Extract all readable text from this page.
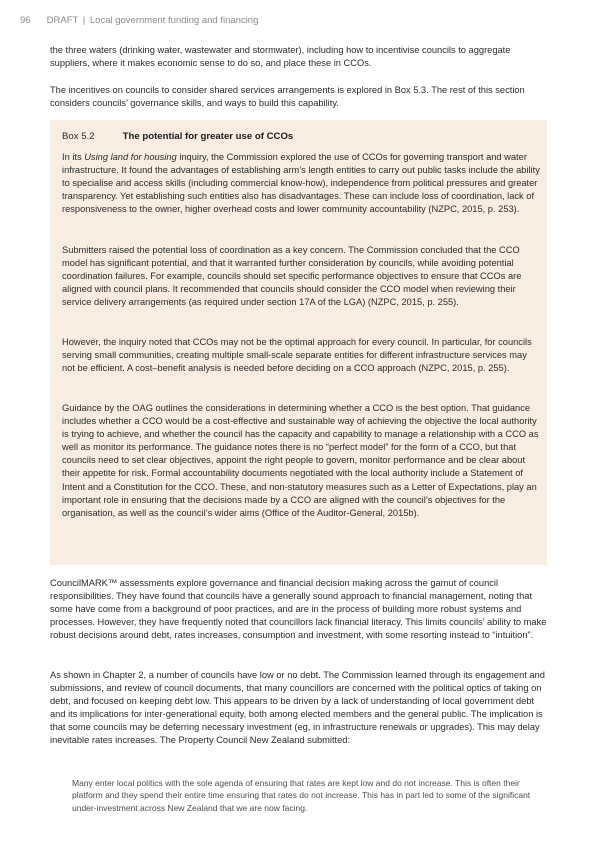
96 DRAFT | Local government funding and financing

the three waters (drinking water, wastewater and stormwater), including how to incentivise councils to aggregate suppliers, where it makes economic sense to do so, and place these in CCOs.

The incentives on councils to consider shared services arrangements is explored in Box 5.3. The rest of this section considers councils’ governance skills, and ways to build this capability.

Box 5.2	The potential for greater use of CCOs

In its Using land for housing inquiry, the Commission explored the use of CCOs for governing transport and water infrastructure. It found the advantages of establishing arm’s length entities to carry out public tasks include the ability to specialise and access skills (including commercial know-how), independence from political pressures and greater transparency. Yet establishing such entities also has disadvantages. These can include loss of coordination, lack of responsiveness to the owner, higher overhead costs and lower community accountability (NZPC, 2015, p. 253).

Submitters raised the potential loss of coordination as a key concern. The Commission concluded that the CCO model has significant potential, and that it warranted further consideration by councils, while avoiding potential coordination failures. For example, councils should set specific performance objectives to ensure that CCOs are aligned with council plans. It recommended that councils should consider the CCO model when reviewing their service delivery arrangements (as required under section 17A of the LGA) (NZPC, 2015, p. 255).

However, the inquiry noted that CCOs may not be the optimal approach for every council. In particular, for councils serving small communities, creating multiple small-scale separate entities for different infrastructure services may not be efficient. A cost–benefit analysis is needed before deciding on a CCO approach (NZPC, 2015, p. 255).

Guidance by the OAG outlines the considerations in determining whether a CCO is the best option. That guidance includes whether a CCO would be a cost-effective and sustainable way of achieving the objective the local authority is trying to achieve, and whether the council has the capacity and capability to manage a relationship with a CCO as well as monitor its performance. The guidance notes there is no “perfect model” for the form of a CCO, but that councils need to set clear objectives, appoint the right people to govern, monitor performance and be clear about their appetite for risk. Formal accountability documents negotiated with the local authority include a Statement of Intent and a Constitution for the CCO. These, and non-statutory measures such as a Letter of Expectations, play an important role in ensuring that the decisions made by a CCO are aligned with the council’s objectives for the organisation, as well as the council’s wider aims (Office of the Auditor-General, 2015b).

CouncilMARK™ assessments explore governance and financial decision making across the gamut of council responsibilities. They have found that councils have a generally sound approach to financial management, noting that some have come from a background of poor practices, and are in the process of building more robust systems and processes. However, they have frequently noted that councillors lack financial literacy. This limits councils’ ability to make robust decisions around debt, rates increases, consumption and investment, with some resorting instead to “intuition”.

As shown in Chapter 2, a number of councils have low or no debt. The Commission learned through its engagement and submissions, and review of council documents, that many councillors are concerned with the political optics of taking on debt, and focused on keeping debt low. This appears to be driven by a lack of understanding of local government debt and its implications for inter-generational equity, both among elected members and the general public. The implication is that some councils may be deferring necessary investment (eg, in infrastructure renewals or upgrades). This may delay inevitable rates increases. The Property Council New Zealand submitted:

Many enter local politics with the sole agenda of ensuring that rates are kept low and do not increase. This is often their platform and they spend their entire time ensuring that rates do not increase. This has in part led to some of the significant under-investment across New Zealand that we are now facing.
